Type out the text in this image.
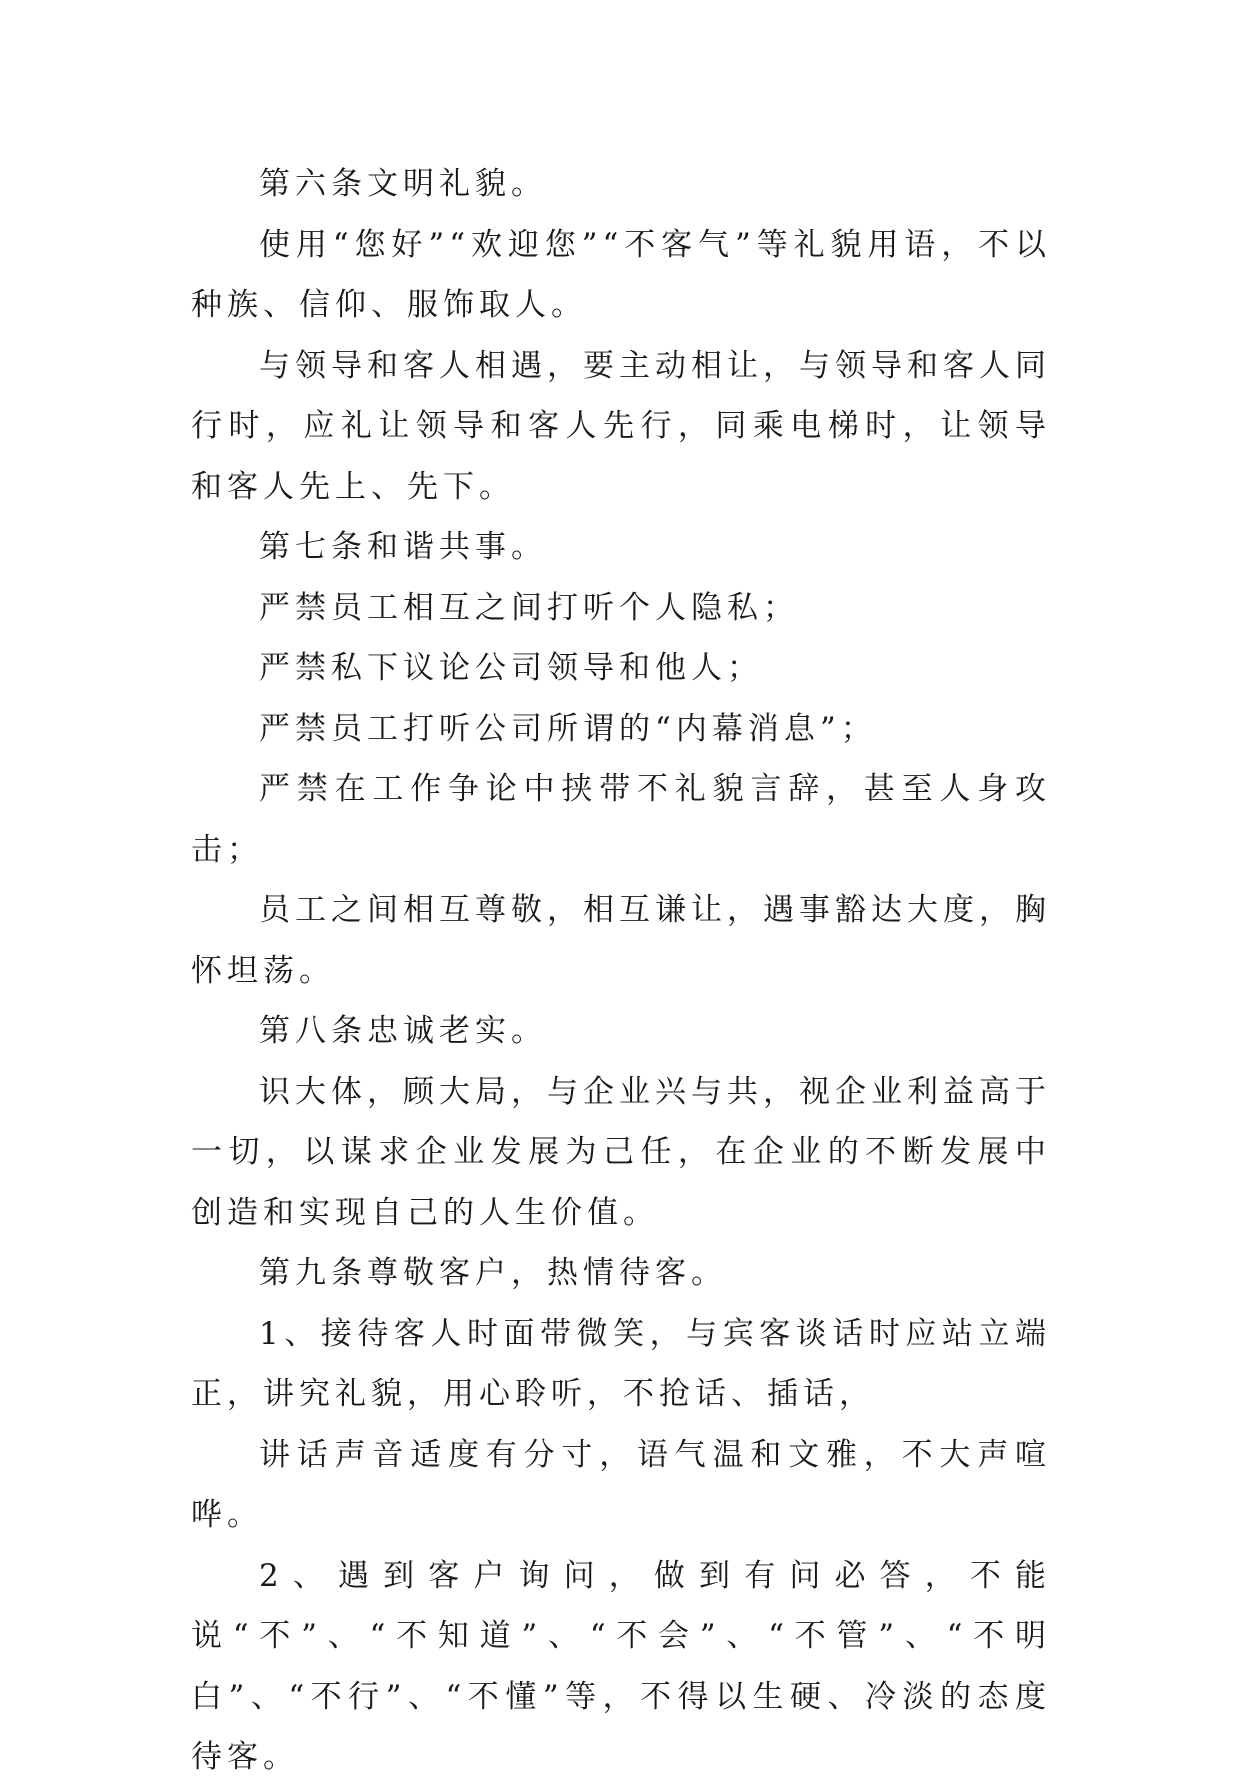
第六条文明礼貌。

使用“您好”“欢迎您”“不客气”等礼貌用语，不以种族、信仰、服饰取人。

与领导和客人相遇，要主动相让，与领导和客人同行时，应礼让领导和客人先行，同乘电梯时，让领导和客人先上、先下。

第七条和谐共事。

严禁员工相互之间打听个人隐私；

严禁私下议论公司领导和他人；

严禁员工打听公司所谓的“内幕消息”；

严禁在工作争论中挟带不礼貌言辞，甚至人身攻击；

员工之间相互尊敬，相互谦让，遇事豁达大度，胸怀坦荡。

第八条忠诚老实。

识大体，顾大局，与企业兴与共，视企业利益高于一切，以谋求企业发展为己任，在企业的不断发展中创造和实现自己的人生价值。

第九条尊敬客户，热情待客。

1、接待客人时面带微笑，与宾客谈话时应站立端正，讲究礼貌，用心聆听，不抢话、插话，

讲话声音适度有分寸，语气温和文雅，不大声喧哗。

2、遇到客户询问，做到有问必答，不能说“不”、“不知道”、“不会”、“不管”、“不明白”、“不行”、“不懂”等，不得以生硬、冷淡的态度待客。
